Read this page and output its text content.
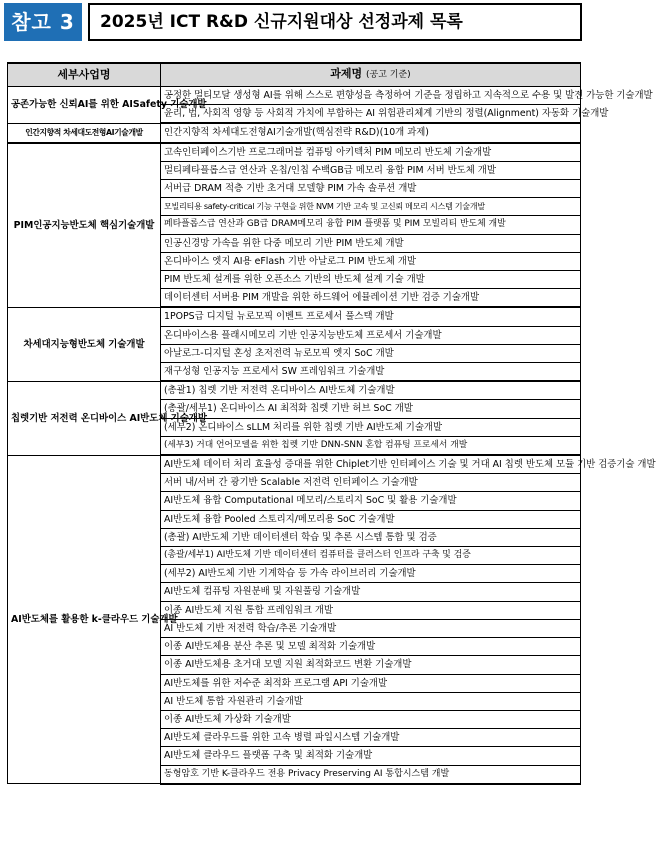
참고 3	2025년 ICT R&D 신규지원대상 선정과제 목록
세부사업명	과제명 (공고 기준)
공존가능한 신뢰AI를 위한 AISafety 기술개발	공정한 멀티모달 생성형 AI를 위해 스스로 편향성을 측정하여 기준을 정립하고 지속적으로 수용 및 발전 가능한 기술개발
	윤리, 법, 사회적 영향 등 사회적 가치에 부합하는 AI 위험관리체계 기반의 정렬(Alignment) 자동화 기술개발
인간지향적 차세대도전형AI기술개발	인간지향적 차세대도전형AI기술개발(핵심전략 R&D)(10개 과제)
PIM인공지능반도체 핵심기술개발	고속인터페이스기반 프로그래머블 컴퓨팅 아키텍처 PIM 메모리 반도체 기술개발
	멀티페타플롭스급 연산과 온칩/인칩 수백GB급 메모리 융합 PIM 서버 반도체 개발
	서버급 DRAM 적층 기반 초거대 모델향 PIM 가속 솔루션 개발
	모빌리티용 safety-critical 기능 구현을 위한 NVM 기반 고속 및 고신뢰 메모리 시스템 기술개발
	페타플롭스급 연산과 GB급 DRAM메모리 융합 PIM 플랫폼 및 PIM 모빌리티 반도체 개발
	인공신경망 가속을 위한 다중 메모리 기반 PIM 반도체 개발
	온디바이스 엣지 AI용 eFlash 기반 아날로그 PIM 반도체 개발
	PIM 반도체 설계를 위한 오픈소스 기반의 반도체 설계 기술 개발
	데이터센터 서버용 PIM 개발을 위한 하드웨어 에뮬레이션 기반 검증 기술개발
차세대지능형반도체 기술개발	1POPS급 디지털 뉴로모픽 이벤트 프로세서 풀스택 개발
	온디바이스용 플래시메모리 기반 인공지능반도체 프로세서 기술개발
	아날로그-디지털 혼성 초저전력 뉴로모픽 엣지 SoC 개발
	재구성형 인공지능 프로세서 SW 프레임워크 기술개발
칩렛기반 저전력 온디바이스 AI반도체 기술개발	(총괄1) 칩렛 기반 저전력 온디바이스 AI반도체 기술개발
	(총괄/세부1) 온디바이스 AI 최적화 칩렛 기반 허브 SoC 개발
	(세부2) 온디바이스 sLLM 처리를 위한 칩렛 기반 AI반도체 기술개발
	(세부3) 거대 언어모델을 위한 칩렛 기반 DNN-SNN 혼합 컴퓨팅 프로세서 개발
AI반도체를 활용한 k-클라우드 기술개발	AI반도체 데이터 처리 효율성 증대를 위한 Chiplet기반 인터페이스 기술 및 거대 AI 칩렛 반도체 모듈 기반 검증기술 개발
	서버 내/서버 간 광기반 Scalable 저전력 인터페이스 기술개발
	AI반도체 융합 Computational 메모리/스토리지 SoC 및 활용 기술개발
	AI반도체 융합 Pooled 스토리지/메모리용 SoC 기술개발
	(총괄) AI반도체 기반 데이터센터 학습 및 추론 시스템 통합 및 검증
	(총괄/세부1) AI반도체 기반 데이터센터 컴퓨터를 클러스터 인프라 구축 및 검증
	(세부2) AI반도체 기반 기계학습 등 가속 라이브러리 기술개발
	AI반도체 컴퓨팅 자원분배 및 자원풀링 기술개발
	이종 AI반도체 지원 통합 프레임워크 개발
	AI 반도체 기반 저전력 학습/추론 기술개발
	이종 AI반도체용 분산 추론 및 모델 최적화 기술개발
	이종 AI반도체용 초거대 모델 지원 최적화코드 변환 기술개발
	AI반도체를 위한 저수준 최적화 프로그램 API 기술개발
	AI 반도체 통합 자원관리 기술개발
	이종 AI반도체 가상화 기술개발
	AI반도체 클라우드를 위한 고속 병렬 파일시스템 기술개발
	AI반도체 클라우드 플랫폼 구축 및 최적화 기술개발
	동형암호 기반 K-클라우드 전용 Privacy Preserving AI 통합시스템 개발
